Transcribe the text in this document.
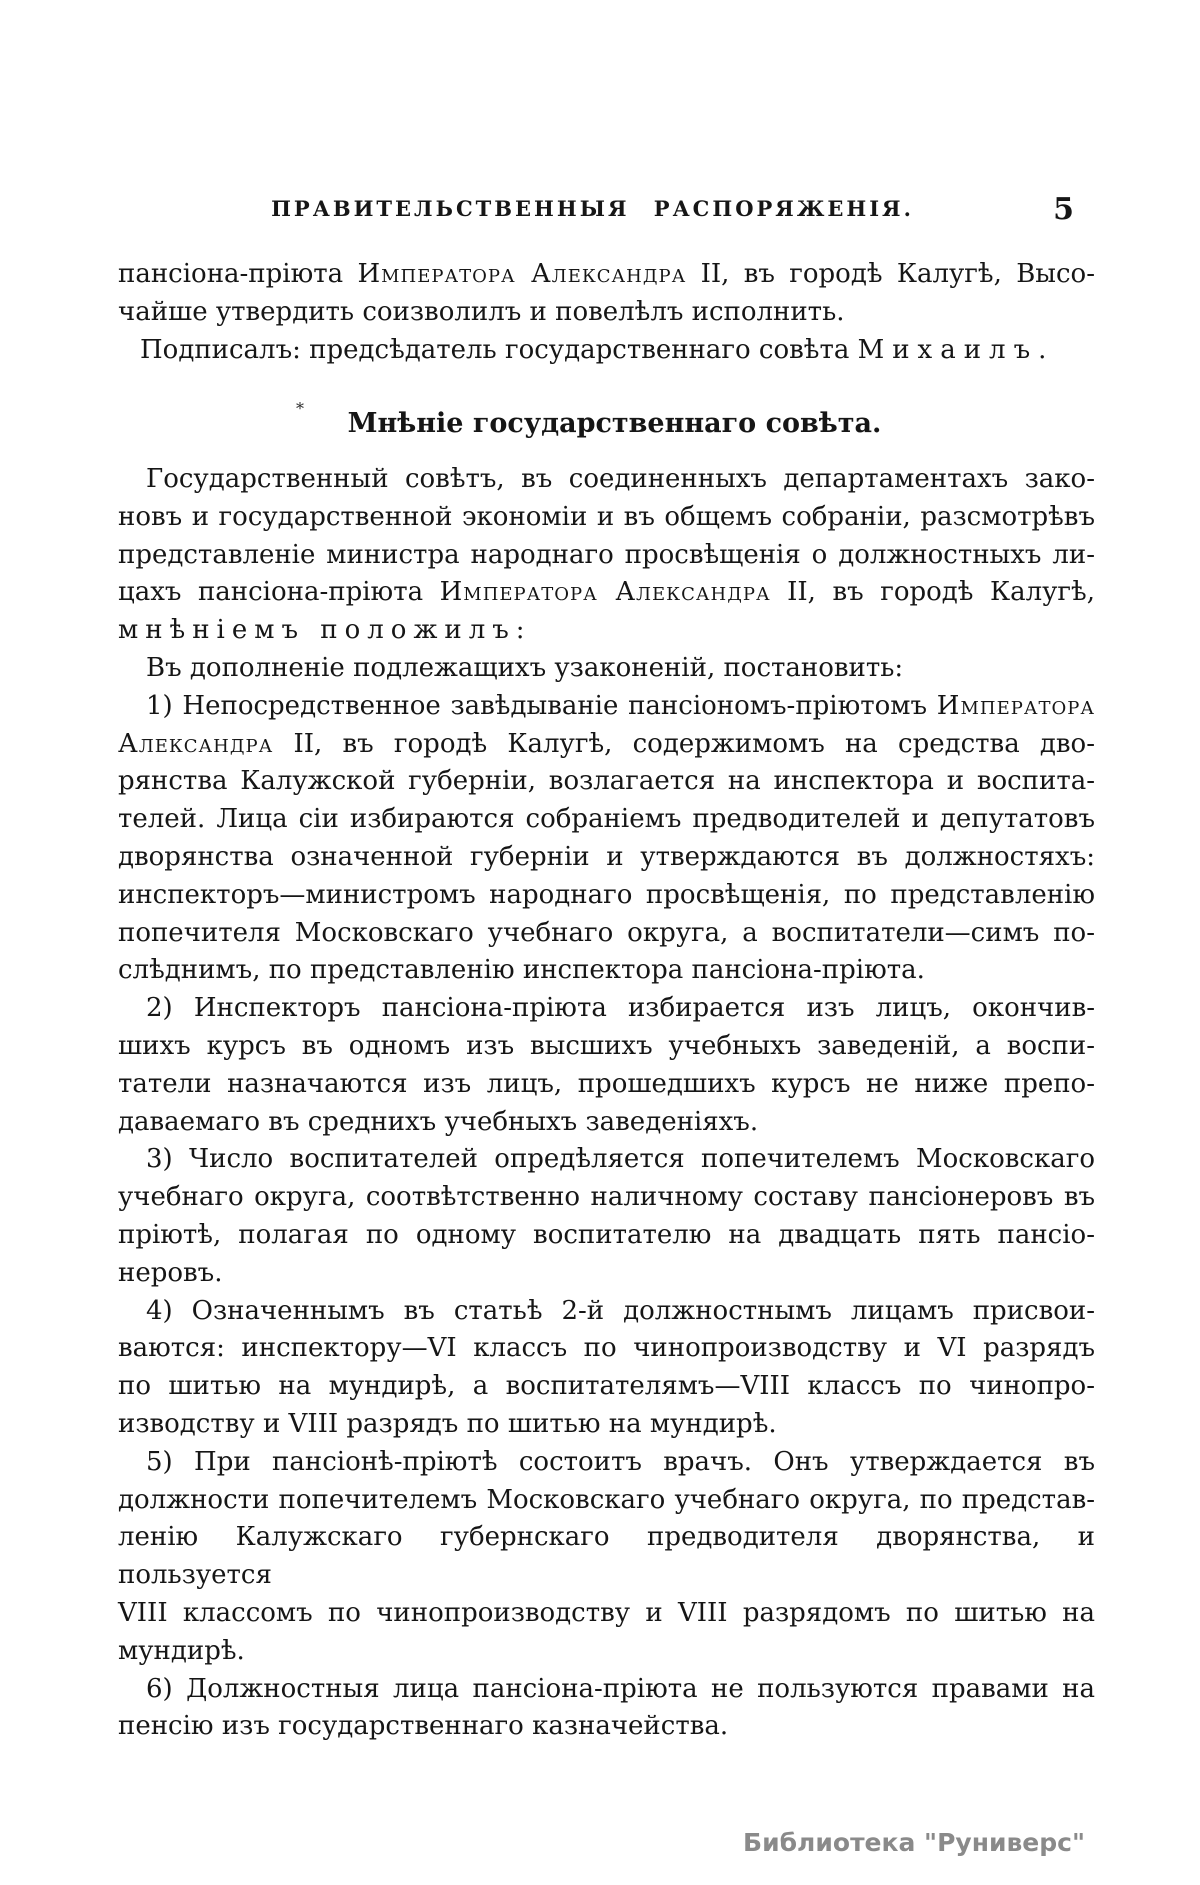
ПРАВИТЕЛЬСТВЕННЫЯ РАСПОРЯЖЕНІЯ.	5
пансіона-пріюта Императора Александра II, въ городѣ Калугѣ, Высо-
чайше утвердить соизволилъ и повелѣлъ исполнить.
Подписалъ: предсѣдатель государственнаго совѣта Михаилъ.
*	Мнѣніе государственнаго совѣта.
Государственный совѣтъ, въ соединенныхъ департаментахъ зако-
новъ и государственной экономіи и въ общемъ собраніи, разсмотрѣвъ
представленіе министра народнаго просвѣщенія о должностныхъ ли-
цахъ пансіона-пріюта Императора Александра II, въ городѣ Калугѣ,
мнѣніемъ положилъ:
Въ дополненіе подлежащихъ узаконеній, постановить:
1) Непосредственное завѣдываніе пансіономъ-пріютомъ Императора
Александра II, въ городѣ Калугѣ, содержимомъ на средства дво-
рянства Калужской губерніи, возлагается на инспектора и воспита-
телей. Лица сіи избираются собраніемъ предводителей и депутатовъ
дворянства означенной губерніи и утверждаются въ должностяхъ:
инспекторъ—министромъ народнаго просвѣщенія, по представленію
попечителя Московскаго учебнаго округа, а воспитатели—симъ по-
слѣднимъ, по представленію инспектора пансіона-пріюта.
2) Инспекторъ пансіона-пріюта избирается изъ лицъ, окончив-
шихъ курсъ въ одномъ изъ высшихъ учебныхъ заведеній, а воспи-
татели назначаются изъ лицъ, прошедшихъ курсъ не ниже препо-
даваемаго въ среднихъ учебныхъ заведеніяхъ.
3) Число воспитателей опредѣляется попечителемъ Московскаго
учебнаго округа, соотвѣтственно наличному составу пансіонеровъ въ
пріютѣ, полагая по одному воспитателю на двадцать пять пансіо-
неровъ.
4) Означеннымъ въ статьѣ 2-й должностнымъ лицамъ присвои-
ваются: инспектору—VI классъ по чинопроизводству и VI разрядъ
по шитью на мундирѣ, а воспитателямъ—VIII классъ по чинопро-
изводству и VIII разрядъ по шитью на мундирѣ.
5) При пансіонѣ-пріютѣ состоитъ врачъ. Онъ утверждается въ
должности попечителемъ Московскаго учебнаго округа, по представ-
ленію Калужскаго губернскаго предводителя дворянства, и пользуется
VIII классомъ по чинопроизводству и VIII разрядомъ по шитью на
мундирѣ.
6) Должностныя лица пансіона-пріюта не пользуются правами на
пенсію изъ государственнаго казначейства.
Библиотека "Руниверс"
